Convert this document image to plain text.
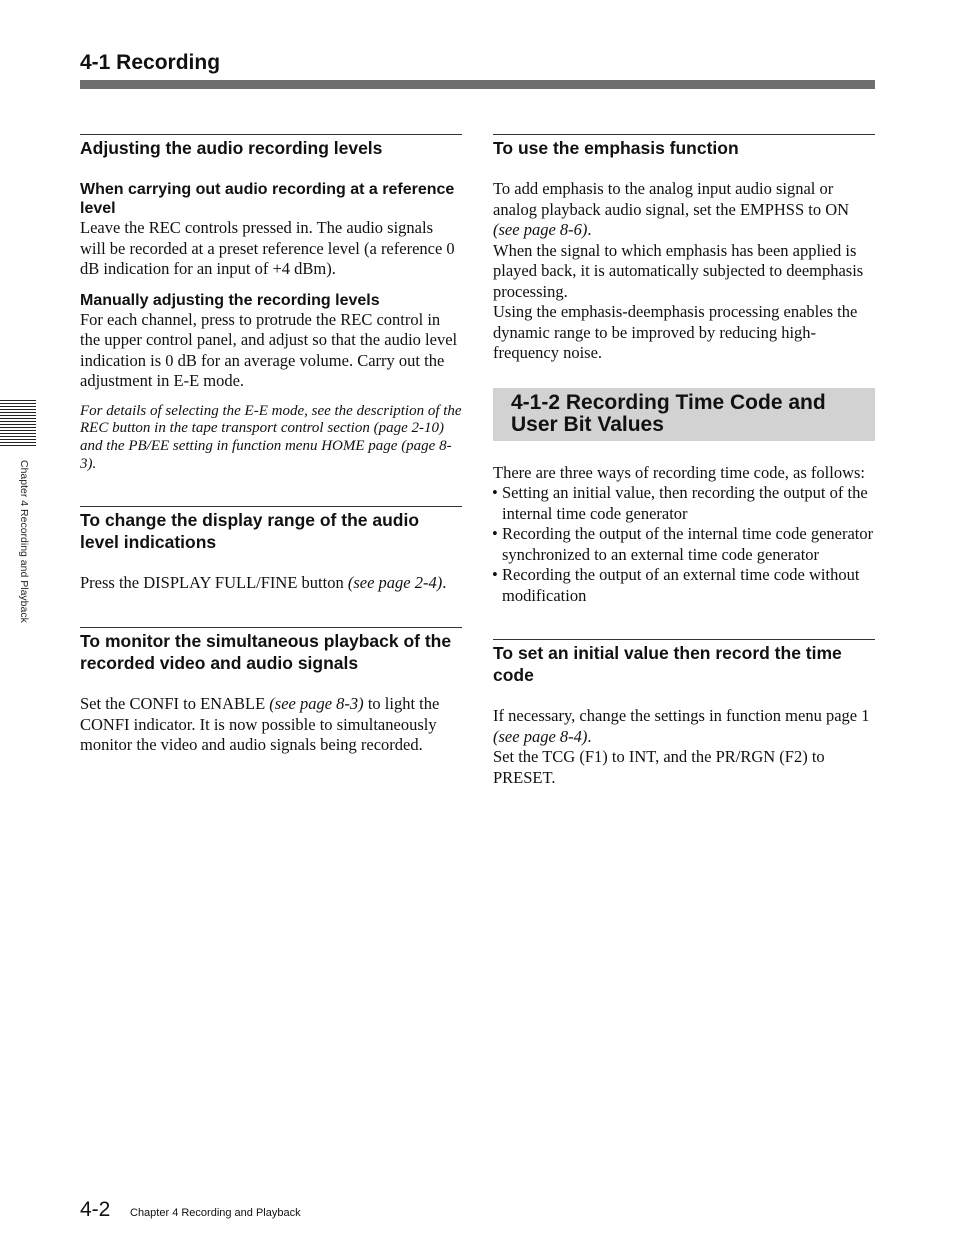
4-1 Recording
Chapter 4 Recording and Playback
Adjusting the audio recording levels
When carrying out audio recording at a reference level

Leave the REC controls pressed in. The audio signals will be recorded at a preset reference level (a reference 0 dB indication for an input of +4 dBm).

Manually adjusting the recording levels

For each channel, press to protrude the REC control in the upper control panel, and adjust so that the audio level indication is 0 dB for an average volume. Carry out the adjustment in E-E mode.

For details of selecting the E-E mode, see the description of the REC button in the tape transport control section (page 2-10) and the PB/EE setting in function menu HOME page (page 8-3).

To change the display range of the audio level indications

Press the DISPLAY FULL/FINE button (see page 2-4).

To monitor the simultaneous playback of the recorded video and audio signals

Set the CONFI to ENABLE (see page 8-3) to light the CONFI indicator. It is now possible to simultaneously monitor the video and audio signals being recorded.

To use the emphasis function

To add emphasis to the analog input audio signal or analog playback audio signal, set the EMPHSS to ON (see page 8-6).

When the signal to which emphasis has been applied is played back, it is automatically subjected to deemphasis processing.

Using the emphasis-deemphasis processing enables the dynamic range to be improved by reducing high-frequency noise.

4-1-2 Recording Time Code and User Bit Values

There are three ways of recording time code, as follows:

• Setting an initial value, then recording the output of the internal time code generator
• Recording the output of the internal time code generator synchronized to an external time code generator
• Recording the output of an external time code without modification
To set an initial value then record the time code

If necessary, change the settings in function menu page 1 (see page 8-4).

Set the TCG (F1) to INT, and the PR/RGN (F2) to PRESET.

4-2 Chapter 4 Recording and Playback
